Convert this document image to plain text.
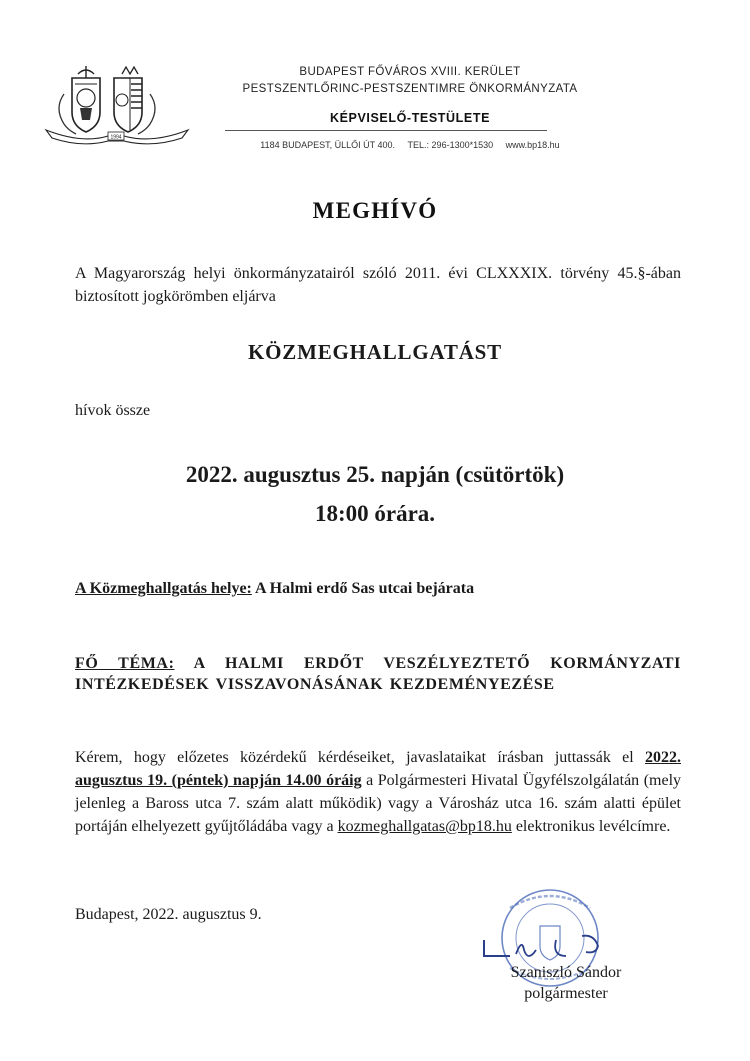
1994
BUDAPEST FŐVÁROS XVIII. KERÜLET
PESTSZENTLŐRINC-PESTSZENTIMRE ÖNKORMÁNYZATA
KÉPVISELŐ-TESTÜLETE
1184 BUDAPEST, ÜLLŐI ÚT 400. TEL.: 296-1300*1530 www.bp18.hu
MEGHÍVÓ
A Magyarország helyi önkormányzatairól szóló 2011. évi CLXXXIX. törvény 45.§-ában biztosított jogkörömben eljárva
KÖZMEGHALLGATÁST
hívok össze
2022. augusztus 25. napján (csütörtök)
18:00 órára.
A Közmeghallgatás helye: A Halmi erdő Sas utcai bejárata
FŐ TÉMA: A HALMI ERDŐT VESZÉLYEZTETŐ KORMÁNYZATI INTÉZKEDÉSEK VISSZAVONÁSÁNAK KEZDEMÉNYEZÉSE
Kérem, hogy előzetes közérdekű kérdéseiket, javaslataikat írásban juttassák el 2022. augusztus 19. (péntek) napján 14.00 óráig a Polgármesteri Hivatal Ügyfélszolgálatán (mely jelenleg a Baross utca 7. szám alatt működik) vagy a Városház utca 16. szám alatti épület portáján elhelyezett gyűjtőládába vagy a kozmeghallgatas@bp18.hu elektronikus levélcímre.
Budapest, 2022. augusztus 9.
Szaniszló Sándor
polgármester
